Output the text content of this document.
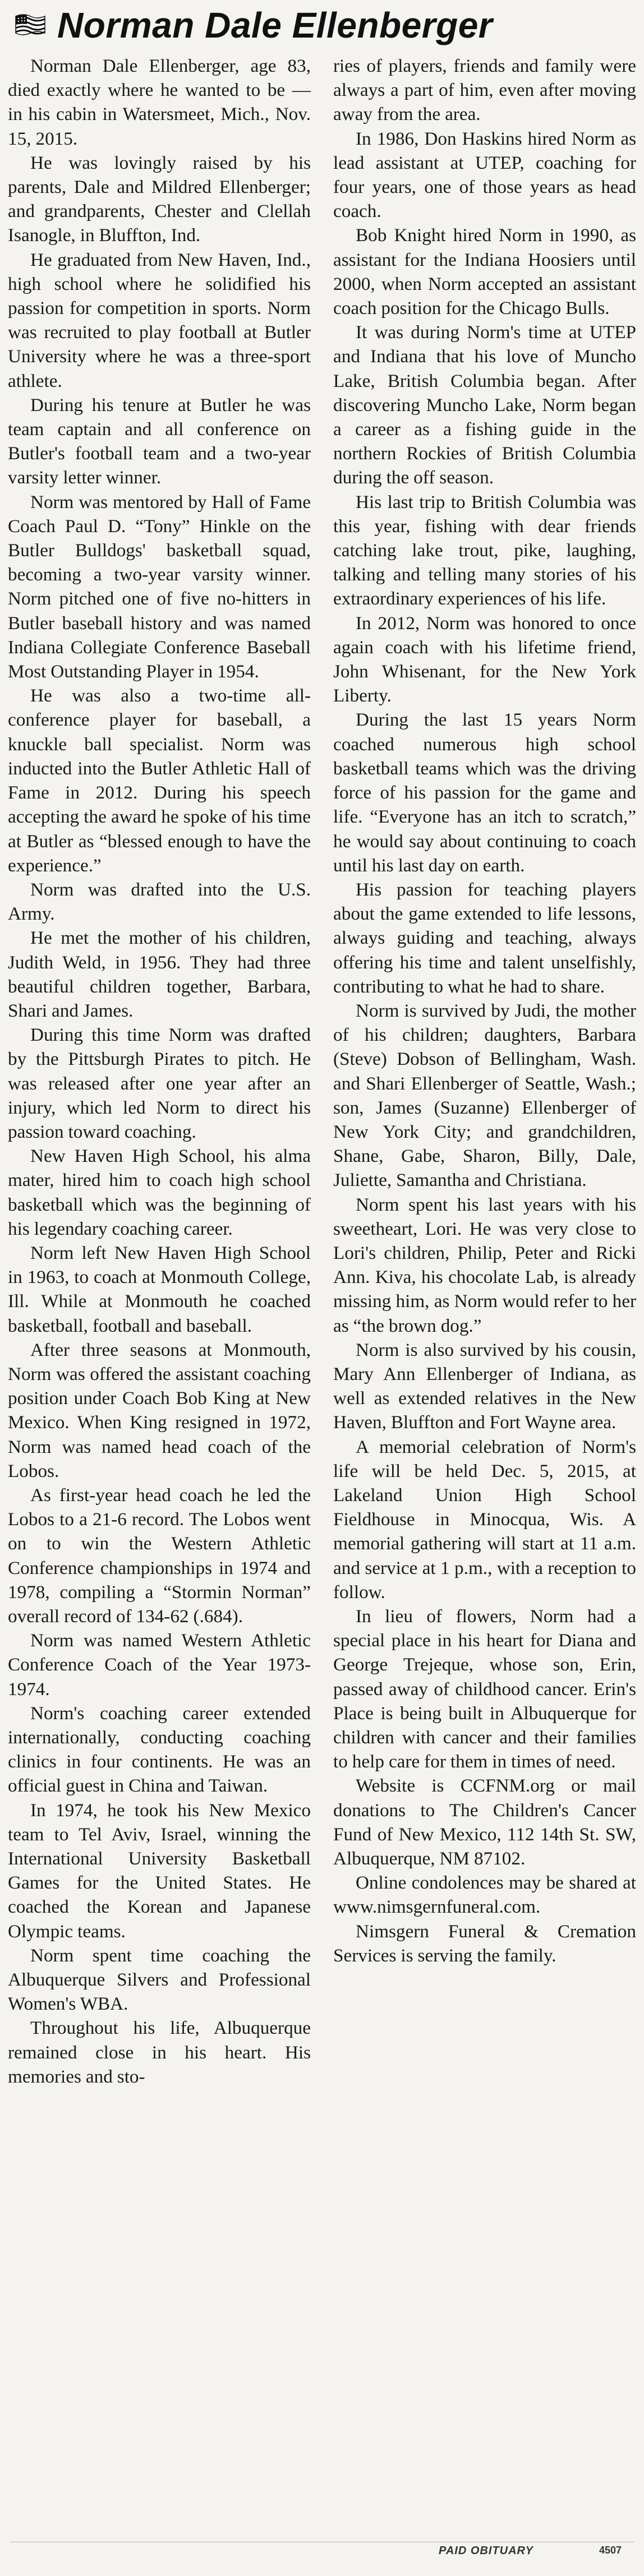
Norman Dale Ellenberger

Norman Dale Ellenberger, age 83, died exactly where he wanted to be — in his cabin in Watersmeet, Mich., Nov. 15, 2015.

He was lovingly raised by his parents, Dale and Mildred Ellenberger; and grandparents, Chester and Clellah Isanogle, in Bluffton, Ind.

He graduated from New Haven, Ind., high school where he solidified his passion for competition in sports. Norm was recruited to play football at Butler University where he was a three-sport athlete.

During his tenure at Butler he was team captain and all conference on Butler's football team and a two-year varsity letter winner.

Norm was mentored by Hall of Fame Coach Paul D. “Tony” Hinkle on the Butler Bulldogs' basketball squad, becoming a two-year varsity winner. Norm pitched one of five no-hitters in Butler baseball history and was named Indiana Collegiate Conference Baseball Most Outstanding Player in 1954.

He was also a two-time all-conference player for baseball, a knuckle ball specialist. Norm was inducted into the Butler Athletic Hall of Fame in 2012. During his speech accepting the award he spoke of his time at Butler as “blessed enough to have the experience.”

Norm was drafted into the U.S. Army.

He met the mother of his children, Judith Weld, in 1956. They had three beautiful children together, Barbara, Shari and James.

During this time Norm was drafted by the Pittsburgh Pirates to pitch. He was released after one year after an injury, which led Norm to direct his passion toward coaching.

New Haven High School, his alma mater, hired him to coach high school basketball which was the beginning of his legendary coaching career.

Norm left New Haven High School in 1963, to coach at Monmouth College, Ill. While at Monmouth he coached basketball, football and baseball.

After three seasons at Monmouth, Norm was offered the assistant coaching position under Coach Bob King at New Mexico. When King resigned in 1972, Norm was named head coach of the Lobos.

As first-year head coach he led the Lobos to a 21-6 record. The Lobos went on to win the Western Athletic Conference championships in 1974 and 1978, compiling a “Stormin Norman” overall record of 134-62 (.684).

Norm was named Western Athletic Conference Coach of the Year 1973-1974.

Norm's coaching career extended internationally, conducting coaching clinics in four continents. He was an official guest in China and Taiwan.

In 1974, he took his New Mexico team to Tel Aviv, Israel, winning the International University Basketball Games for the United States. He coached the Korean and Japanese Olympic teams.

Norm spent time coaching the Albuquerque Silvers and Professional Women's WBA.

Throughout his life, Albuquerque remained close in his heart. His memories and sto-

ries of players, friends and family were always a part of him, even after moving away from the area.

In 1986, Don Haskins hired Norm as lead assistant at UTEP, coaching for four years, one of those years as head coach.

Bob Knight hired Norm in 1990, as assistant for the Indiana Hoosiers until 2000, when Norm accepted an assistant coach position for the Chicago Bulls.

It was during Norm's time at UTEP and Indiana that his love of Muncho Lake, British Columbia began. After discovering Muncho Lake, Norm began a career as a fishing guide in the northern Rockies of British Columbia during the off season.

His last trip to British Columbia was this year, fishing with dear friends catching lake trout, pike, laughing, talking and telling many stories of his extraordinary experiences of his life.

In 2012, Norm was honored to once again coach with his lifetime friend, John Whisenant, for the New York Liberty.

During the last 15 years Norm coached numerous high school basketball teams which was the driving force of his passion for the game and life. “Everyone has an itch to scratch,” he would say about continuing to coach until his last day on earth.

His passion for teaching players about the game extended to life lessons, always guiding and teaching, always offering his time and talent unselfishly, contributing to what he had to share.

Norm is survived by Judi, the mother of his children; daughters, Barbara (Steve) Dobson of Bellingham, Wash. and Shari Ellenberger of Seattle, Wash.; son, James (Suzanne) Ellenberger of New York City; and grandchildren, Shane, Gabe, Sharon, Billy, Dale, Juliette, Samantha and Christiana.

Norm spent his last years with his sweetheart, Lori. He was very close to Lori's children, Philip, Peter and Ricki Ann. Kiva, his chocolate Lab, is already missing him, as Norm would refer to her as “the brown dog.”

Norm is also survived by his cousin, Mary Ann Ellenberger of Indiana, as well as extended relatives in the New Haven, Bluffton and Fort Wayne area.

A memorial celebration of Norm's life will be held Dec. 5, 2015, at Lakeland Union High School Fieldhouse in Minocqua, Wis. A memorial gathering will start at 11 a.m. and service at 1 p.m., with a reception to follow.

In lieu of flowers, Norm had a special place in his heart for Diana and George Trejeque, whose son, Erin, passed away of childhood cancer. Erin's Place is being built in Albuquerque for children with cancer and their families to help care for them in times of need.

Website is CCFNM.org or mail donations to The Children's Cancer Fund of New Mexico, 112 14th St. SW, Albuquerque, NM 87102.

Online condolences may be shared at www.nimsgernfuneral.com.

Nimsgern Funeral & Cremation Services is serving the family.

PAID OBITUARY	4507
